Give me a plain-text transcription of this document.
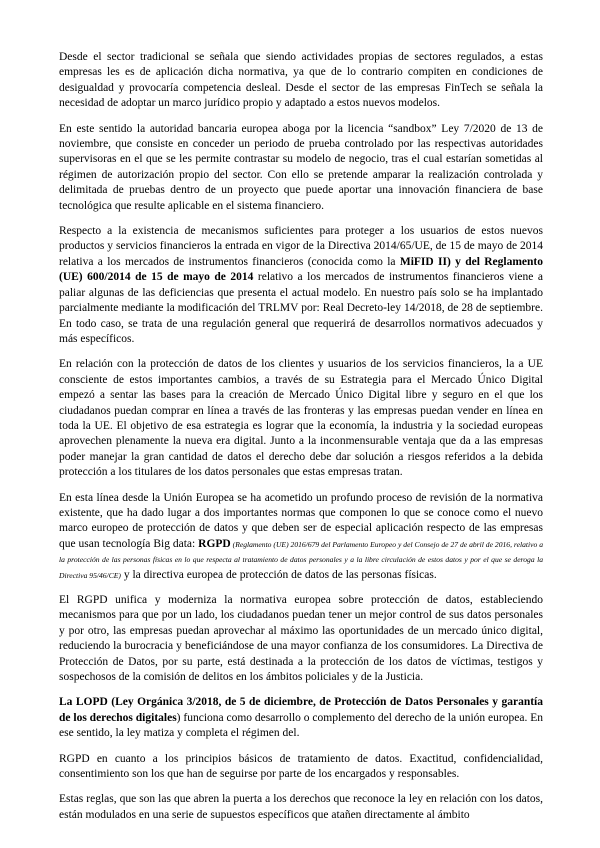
Desde el sector tradicional se señala que siendo actividades propias de sectores regulados, a estas empresas les es de aplicación dicha normativa, ya que de lo contrario compiten en condiciones de desigualdad y provocaría competencia desleal. Desde el sector de las empresas FinTech se señala la necesidad de adoptar un marco jurídico propio y adaptado a estos nuevos modelos.

En este sentido la autoridad bancaria europea aboga por la licencia “sandbox” Ley 7/2020 de 13 de noviembre, que consiste en conceder un periodo de prueba controlado por las respectivas autoridades supervisoras en el que se les permite contrastar su modelo de negocio, tras el cual estarían sometidas al régimen de autorización propio del sector. Con ello se pretende amparar la realización controlada y delimitada de pruebas dentro de un proyecto que puede aportar una innovación financiera de base tecnológica que resulte aplicable en el sistema financiero.

Respecto a la existencia de mecanismos suficientes para proteger a los usuarios de estos nuevos productos y servicios financieros la entrada en vigor de la Directiva 2014/65/UE, de 15 de mayo de 2014 relativa a los mercados de instrumentos financieros (conocida como la MiFID II) y del Reglamento (UE) 600/2014 de 15 de mayo de 2014 relativo a los mercados de instrumentos financieros viene a paliar algunas de las deficiencias que presenta el actual modelo. En nuestro país solo se ha implantado parcialmente mediante la modificación del TRLMV por: Real Decreto-ley 14/2018, de 28 de septiembre. En todo caso, se trata de una regulación general que requerirá de desarrollos normativos adecuados y más específicos.

En relación con la protección de datos de los clientes y usuarios de los servicios financieros, la a UE consciente de estos importantes cambios, a través de su Estrategia para el Mercado Único Digital empezó a sentar las bases para la creación de Mercado Único Digital libre y seguro en el que los ciudadanos puedan comprar en línea a través de las fronteras y las empresas puedan vender en línea en toda la UE. El objetivo de esa estrategia es lograr que la economía, la industria y la sociedad europeas aprovechen plenamente la nueva era digital. Junto a la inconmensurable ventaja que da a las empresas poder manejar la gran cantidad de datos el derecho debe dar solución a riesgos referidos a la debida protección a los titulares de los datos personales que estas empresas tratan.

En esta línea desde la Unión Europea se ha acometido un profundo proceso de revisión de la normativa existente, que ha dado lugar a dos importantes normas que componen lo que se conoce como el nuevo marco europeo de protección de datos y que deben ser de especial aplicación respecto de las empresas que usan tecnología Big data: RGPD (Reglamento (UE) 2016/679 del Parlamento Europeo y del Consejo de 27 de abril de 2016, relativo a la protección de las personas físicas en lo que respecta al tratamiento de datos personales y a la libre circulación de estos datos y por el que se deroga la Directiva 95/46/CE) y la directiva europea de protección de datos de las personas físicas.

El RGPD unifica y moderniza la normativa europea sobre protección de datos, estableciendo mecanismos para que por un lado, los ciudadanos puedan tener un mejor control de sus datos personales y por otro, las empresas puedan aprovechar al máximo las oportunidades de un mercado único digital, reduciendo la burocracia y beneficiándose de una mayor confianza de los consumidores. La Directiva de Protección de Datos, por su parte, está destinada a la protección de los datos de víctimas, testigos y sospechosos de la comisión de delitos en los ámbitos policiales y de la Justicia.

La LOPD (Ley Orgánica 3/2018, de 5 de diciembre, de Protección de Datos Personales y garantía de los derechos digitales) funciona como desarrollo o complemento del derecho de la unión europea. En ese sentido, la ley matiza y completa el régimen del.

RGPD en cuanto a los principios básicos de tratamiento de datos. Exactitud, confidencialidad, consentimiento son los que han de seguirse por parte de los encargados y responsables.

Estas reglas, que son las que abren la puerta a los derechos que reconoce la ley en relación con los datos, están modulados en una serie de supuestos específicos que atañen directamente al ámbito
